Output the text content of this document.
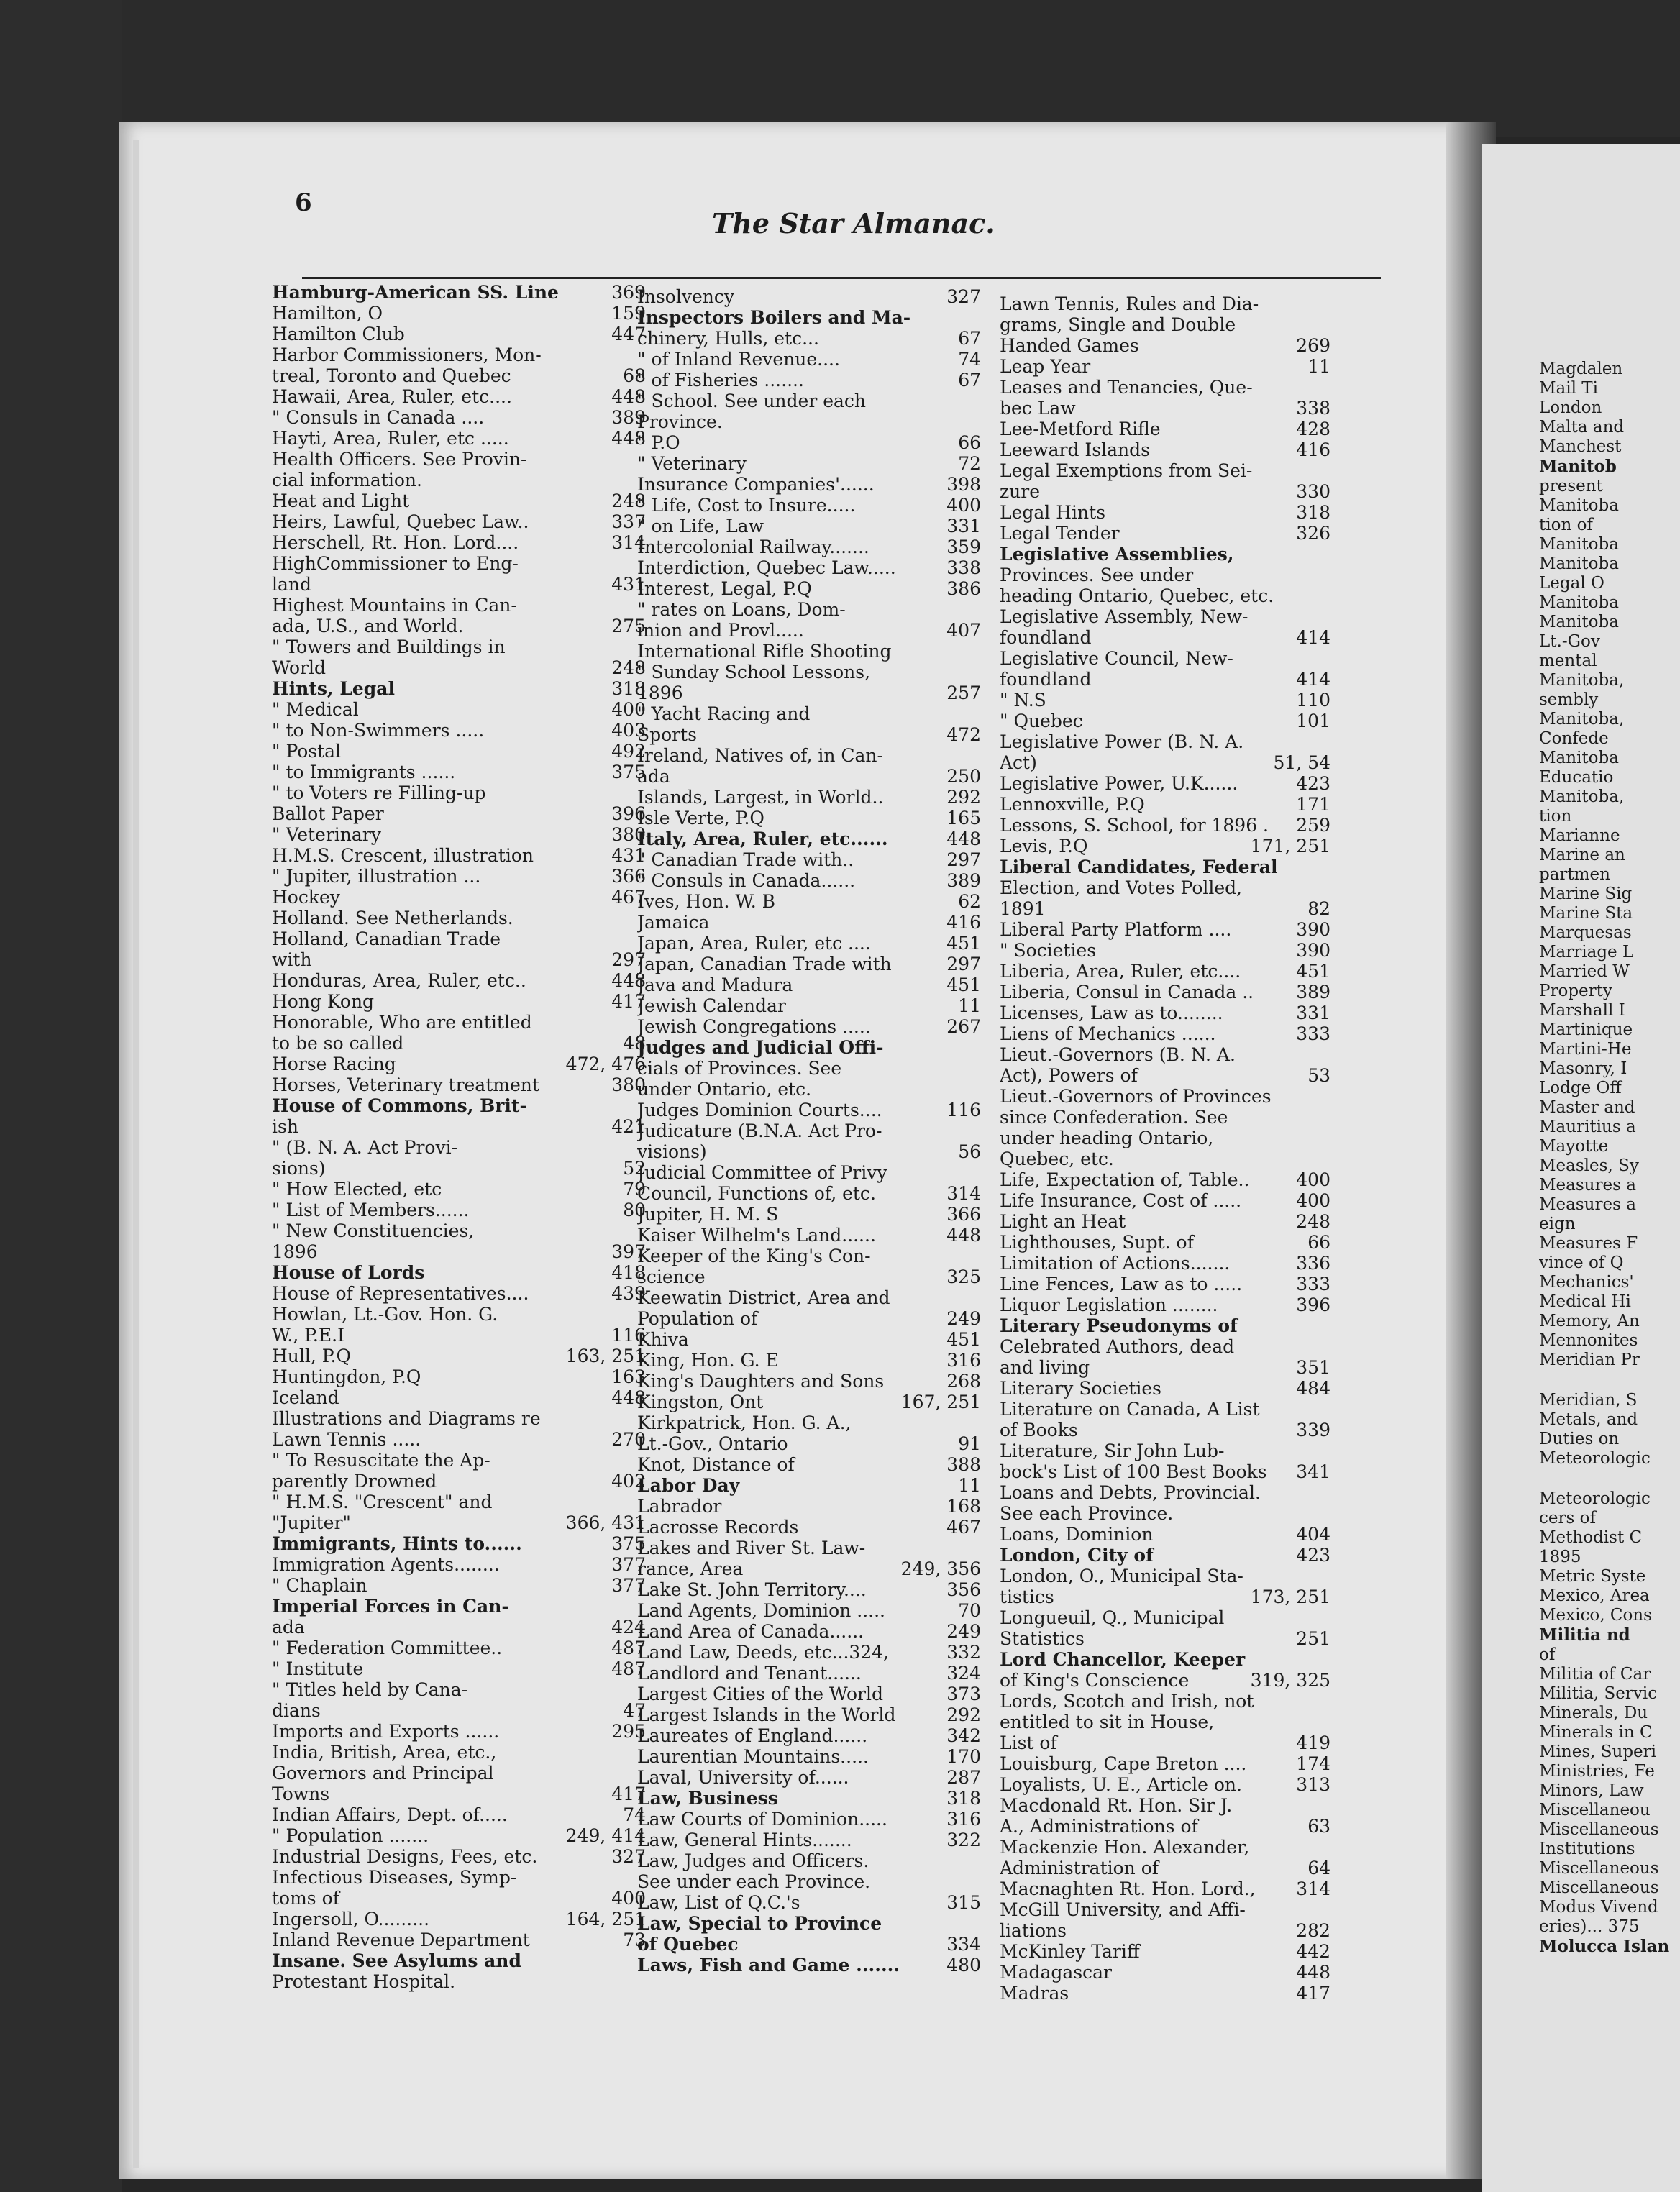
6
The Star Almanac.
Hamburg-American SS. Line	369
Hamilton, O	159
Hamilton Club	447
Harbor Commissioners, Mon-
treal, Toronto and Quebec	68
Hawaii, Area, Ruler, etc....	448
" Consuls in Canada ....	389
Hayti, Area, Ruler, etc .....	448
Health Officers. See Provin-
cial information.
Heat and Light	248
Heirs, Lawful, Quebec Law..	337
Herschell, Rt. Hon. Lord....	314
HighCommissioner to Eng-
land	431
Highest Mountains in Can-
ada, U.S., and World.	275
" Towers and Buildings in
World	248
Hints, Legal	318
" Medical	400
" to Non-Swimmers .....	403
" Postal	492
" to Immigrants ......	375
" to Voters re Filling-up
Ballot Paper	396
" Veterinary	380
H.M.S. Crescent, illustration	431
" Jupiter, illustration ...	366
Hockey	467
Holland. See Netherlands.
Holland, Canadian Trade
with	297
Honduras, Area, Ruler, etc..	448
Hong Kong	417
Honorable, Who are entitled
to be so called	48
Horse Racing	472, 476
Horses, Veterinary treatment	380
House of Commons, Brit-
ish	421
" (B. N. A. Act Provi-
sions)	52
" How Elected, etc	79
" List of Members......	80
" New Constituencies,
1896	397
House of Lords	418
House of Representatives....	439
Howlan, Lt.-Gov. Hon. G.
W., P.E.I	116
Hull, P.Q	163, 251
Huntingdon, P.Q	163
Iceland	448
Illustrations and Diagrams re
Lawn Tennis .....	270
" To Resuscitate the Ap-
parently Drowned	402
" H.M.S. "Crescent" and
"Jupiter"	366, 431
Immigrants, Hints to......	375
Immigration Agents........	377
" Chaplain	377
Imperial Forces in Can-
ada	424
" Federation Committee..	487
" Institute	487
" Titles held by Cana-
dians	47
Imports and Exports ......	295
India, British, Area, etc.,
Governors and Principal
Towns	417
Indian Affairs, Dept. of.....	74
" Population .......	249, 414
Industrial Designs, Fees, etc.	327
Infectious Diseases, Symp-
toms of	400
Ingersoll, O.........	164, 251
Inland Revenue Department	73
Insane. See Asylums and
Protestant Hospital.
Insolvency	327
Inspectors Boilers and Ma-
chinery, Hulls, etc...	67
" of Inland Revenue....	74
" of Fisheries .......	67
" School. See under each
Province.
" P.O	66
" Veterinary	72
Insurance Companies'......	398
" Life, Cost to Insure.....	400
" on Life, Law	331
Intercolonial Railway.......	359
Interdiction, Quebec Law.....	338
Interest, Legal, P.Q	386
" rates on Loans, Dom-
inion and Provl.....	407
International Rifle Shooting
" Sunday School Lessons,
1896	257
" Yacht Racing and
Sports	472
Ireland, Natives of, in Can-
ada	250
Islands, Largest, in World..	292
Isle Verte, P.Q	165
Italy, Area, Ruler, etc......	448
" Canadian Trade with..	297
" Consuls in Canada......	389
Ives, Hon. W. B	62
Jamaica	416
Japan, Area, Ruler, etc ....	451
Japan, Canadian Trade with	297
Java and Madura	451
Jewish Calendar	11
Jewish Congregations .....	267
Judges and Judicial Offi-
cials of Provinces. See
under Ontario, etc.
Judges Dominion Courts....	116
Judicature (B.N.A. Act Pro-
visions)	56
Judicial Committee of Privy
Council, Functions of, etc.	314
Jupiter, H. M. S	366
Kaiser Wilhelm's Land......	448
Keeper of the King's Con-
science	325
Keewatin District, Area and
Population of	249
Khiva	451
King, Hon. G. E	316
King's Daughters and Sons	268
Kingston, Ont	167, 251
Kirkpatrick, Hon. G. A.,
Lt.-Gov., Ontario	91
Knot, Distance of	388
Labor Day	11
Labrador	168
Lacrosse Records	467
Lakes and River St. Law-
rance, Area	249, 356
Lake St. John Territory....	356
Land Agents, Dominion .....	70
Land Area of Canada......	249
Land Law, Deeds, etc...324,	332
Landlord and Tenant......	324
Largest Cities of the World	373
Largest Islands in the World	292
Laureates of England......	342
Laurentian Mountains.....	170
Laval, University of......	287
Law, Business	318
Law Courts of Dominion.....	316
Law, General Hints.......	322
Law, Judges and Officers.
See under each Province.
Law, List of Q.C.'s	315
Law, Special to Province
of Quebec	334
Laws, Fish and Game .......	480
Lawn Tennis, Rules and Dia-
grams, Single and Double
Handed Games	269
Leap Year	11
Leases and Tenancies, Que-
bec Law	338
Lee-Metford Rifle	428
Leeward Islands	416
Legal Exemptions from Sei-
zure	330
Legal Hints	318
Legal Tender	326
Legislative Assemblies,
Provinces. See under
heading Ontario, Quebec, etc.
Legislative Assembly, New-
foundland	414
Legislative Council, New-
foundland	414
" N.S	110
" Quebec	101
Legislative Power (B. N. A.
Act)	51, 54
Legislative Power, U.K......	423
Lennoxville, P.Q	171
Lessons, S. School, for 1896 . 259
Levis, P.Q	171, 251
Liberal Candidates, Federal
Election, and Votes Polled,
1891	82
Liberal Party Platform ....	390
" Societies	390
Liberia, Area, Ruler, etc....	451
Liberia, Consul in Canada .. 389
Licenses, Law as to........	331
Liens of Mechanics ......	333
Lieut.-Governors (B. N. A.
Act), Powers of	53
Lieut.-Governors of Provinces
since Confederation. See
under heading Ontario,
Quebec, etc.
Life, Expectation of, Table..	400
Life Insurance, Cost of .....	400
Light an Heat	248
Lighthouses, Supt. of	66
Limitation of Actions.......	336
Line Fences, Law as to .....	333
Liquor Legislation ........	396
Literary Pseudonyms of
Celebrated Authors, dead
and living	351
Literary Societies	484
Literature on Canada, A List
of Books	339
Literature, Sir John Lub-
bock's List of 100 Best Books 341
Loans and Debts, Provincial.
See each Province.
Loans, Dominion	404
London, City of	423
London, O., Municipal Sta-
tistics	173, 251
Longueuil, Q., Municipal
Statistics	251
Lord Chancellor, Keeper
of King's Conscience	319, 325
Lords, Scotch and Irish, not
entitled to sit in House,
List of	419
Louisburg, Cape Breton ....	174
Loyalists, U. E., Article on.	313
Macdonald Rt. Hon. Sir J.
A., Administrations of	63
Mackenzie Hon. Alexander,
Administration of	64
Macnaghten Rt. Hon. Lord., 314
McGill University, and Affi-
liations	282
McKinley Tariff	442
Madagascar	448
Madras	417
Magdalen
Mail Ti
London
Malta and
Manchest
Manitob
present
Manitoba
tion of
Manitoba
Manitoba
Legal O
Manitoba
Manitoba
Lt.-Gov
mental
Manitoba,
sembly
Manitoba,
Confede
Manitoba
Educatio
Manitoba,
tion
Marianne
Marine an
partmen
Marine Sig
Marine Sta
Marquesas
Marriage L
Married W
Property
Marshall I
Martinique
Martini-He
Masonry, I
Lodge Off
Master and
Mauritius a
Mayotte
Measles, Sy
Measures a
Measures a
eign
Measures F
vince of Q
Mechanics'
Medical Hi
Memory, An
Mennonites
Meridian Pr
Meridian, S
Metals, and
Duties on
Meteorologic
Meteorologic
cers of
Methodist C
1895
Metric Syste
Mexico, Area
Mexico, Cons
Militia nd
of
Militia of Car
Militia, Servic
Minerals, Du
Minerals in C
Mines, Superi
Ministries, Fe
Minors, Law
Miscellaneou
Miscellaneous
Institutions
Miscellaneous
Miscellaneous
Modus Vivend
eries)... 375
Molucca Islan
